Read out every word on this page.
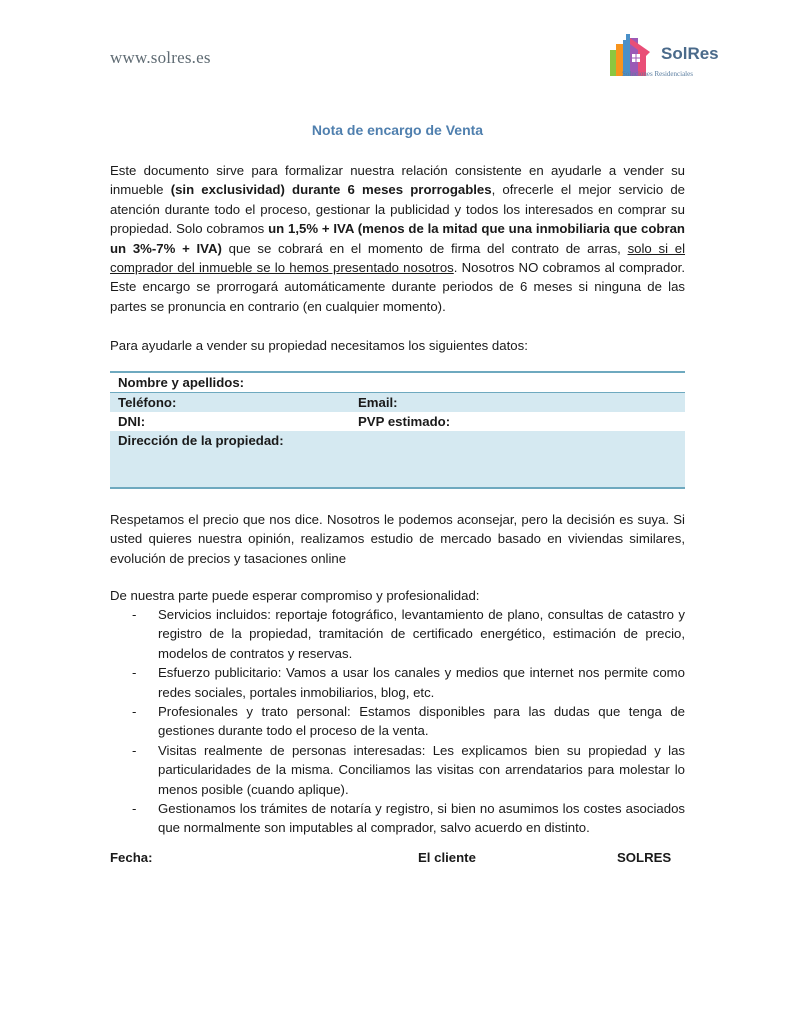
www.solres.es	SolRes
Soluciones Residenciales
Nota de encargo de Venta
Este documento sirve para formalizar nuestra relación consistente en ayudarle a vender su inmueble (sin exclusividad) durante 6 meses prorrogables, ofrecerle el mejor servicio de atención durante todo el proceso, gestionar la publicidad y todos los interesados en comprar su propiedad. Solo cobramos un 1,5% + IVA (menos de la mitad que una inmobiliaria que cobran un 3%-7% + IVA) que se cobrará en el momento de firma del contrato de arras, solo si el comprador del inmueble se lo hemos presentado nosotros. Nosotros NO cobramos al comprador. Este encargo se prorrogará automáticamente durante periodos de 6 meses si ninguna de las partes se pronuncia en contrario (en cualquier momento).
Para ayudarle a vender su propiedad necesitamos los siguientes datos:
Nombre y apellidos:
Teléfono:	Email:
DNI:	PVP estimado:
Dirección de la propiedad:
Respetamos el precio que nos dice. Nosotros le podemos aconsejar, pero la decisión es suya. Si usted quieres nuestra opinión, realizamos estudio de mercado basado en viviendas similares, evolución de precios y tasaciones online
De nuestra parte puede esperar compromiso y profesionalidad:
-	Servicios incluidos: reportaje fotográfico, levantamiento de plano, consultas de catastro y registro de la propiedad, tramitación de certificado energético, estimación de precio, modelos de contratos y reservas.
-	Esfuerzo publicitario: Vamos a usar los canales y medios que internet nos permite como redes sociales, portales inmobiliarios, blog, etc.
-	Profesionales y trato personal: Estamos disponibles para las dudas que tenga de gestiones durante todo el proceso de la venta.
-	Visitas realmente de personas interesadas: Les explicamos bien su propiedad y las particularidades de la misma. Conciliamos las visitas con arrendatarios para molestar lo menos posible (cuando aplique).
-	Gestionamos los trámites de notaría y registro, si bien no asumimos los costes asociados que normalmente son imputables al comprador, salvo acuerdo en distinto.
Fecha:	El cliente	SOLRES
